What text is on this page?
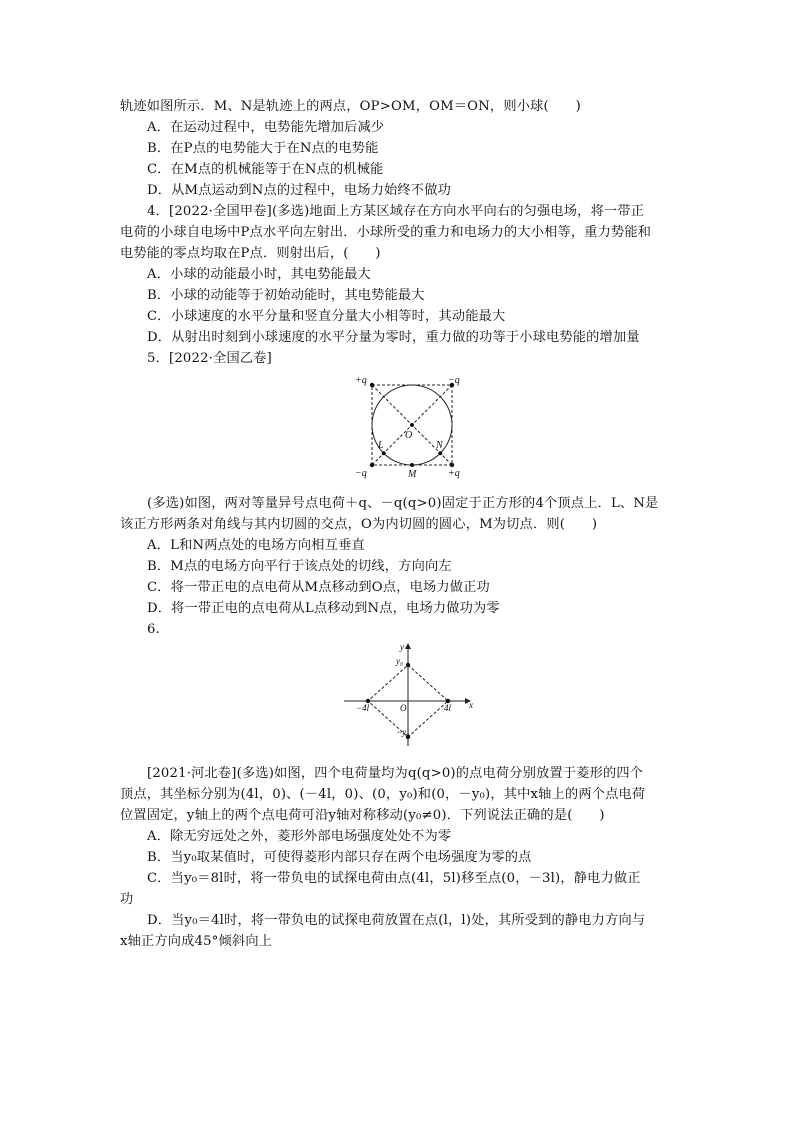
轨迹如图所示．M、N是轨迹上的两点，OP>OM，OM＝ON，则小球(　　)
A．在运动过程中，电势能先增加后减少
B．在P点的电势能大于在N点的电势能
C．在M点的机械能等于在N点的机械能
D．从M点运动到N点的过程中，电场力始终不做功
4．[2022·全国甲卷](多选)地面上方某区域存在方向水平向右的匀强电场，将一带正
电荷的小球自电场中P点水平向左射出．小球所受的重力和电场力的大小相等，重力势能和
电势能的零点均取在P点．则射出后，(　　)
A．小球的动能最小时，其电势能最大
B．小球的动能等于初始动能时，其电势能最大
C．小球速度的水平分量和竖直分量大小相等时，其动能最大
D．从射出时刻到小球速度的水平分量为零时，重力做的功等于小球电势能的增加量
5．[2022·全国乙卷]
+q	−q
−q	+q
O
L	N
M
(多选)如图，两对等量异号点电荷＋q、－q(q>0)固定于正方形的4个顶点上．L、N是
该正方形两条对角线与其内切圆的交点，O为内切圆的圆心，M为切点．则(　　)
A．L和N两点处的电场方向相互垂直
B．M点的电场方向平行于该点处的切线，方向向左
C．将一带正电的点电荷从M点移动到O点，电场力做正功
D．将一带正电的点电荷从L点移动到N点，电场力做功为零
6.
y
y₀
x
O
−4l	4l
−y₀
[2021·河北卷](多选)如图，四个电荷量均为q(q>0)的点电荷分别放置于菱形的四个
顶点，其坐标分别为(4l，0)、(－4l，0)、(0，y₀)和(0，－y₀)，其中x轴上的两个点电荷
位置固定，y轴上的两个点电荷可沿y轴对称移动(y₀≠0)．下列说法正确的是(　　)
A．除无穷远处之外，菱形外部电场强度处处不为零
B．当y₀取某值时，可使得菱形内部只存在两个电场强度为零的点
C．当y₀＝8l时，将一带负电的试探电荷由点(4l，5l)移至点(0，－3l)，静电力做正
功
D．当y₀＝4l时，将一带负电的试探电荷放置在点(l，l)处，其所受到的静电力方向与
x轴正方向成45°倾斜向上
